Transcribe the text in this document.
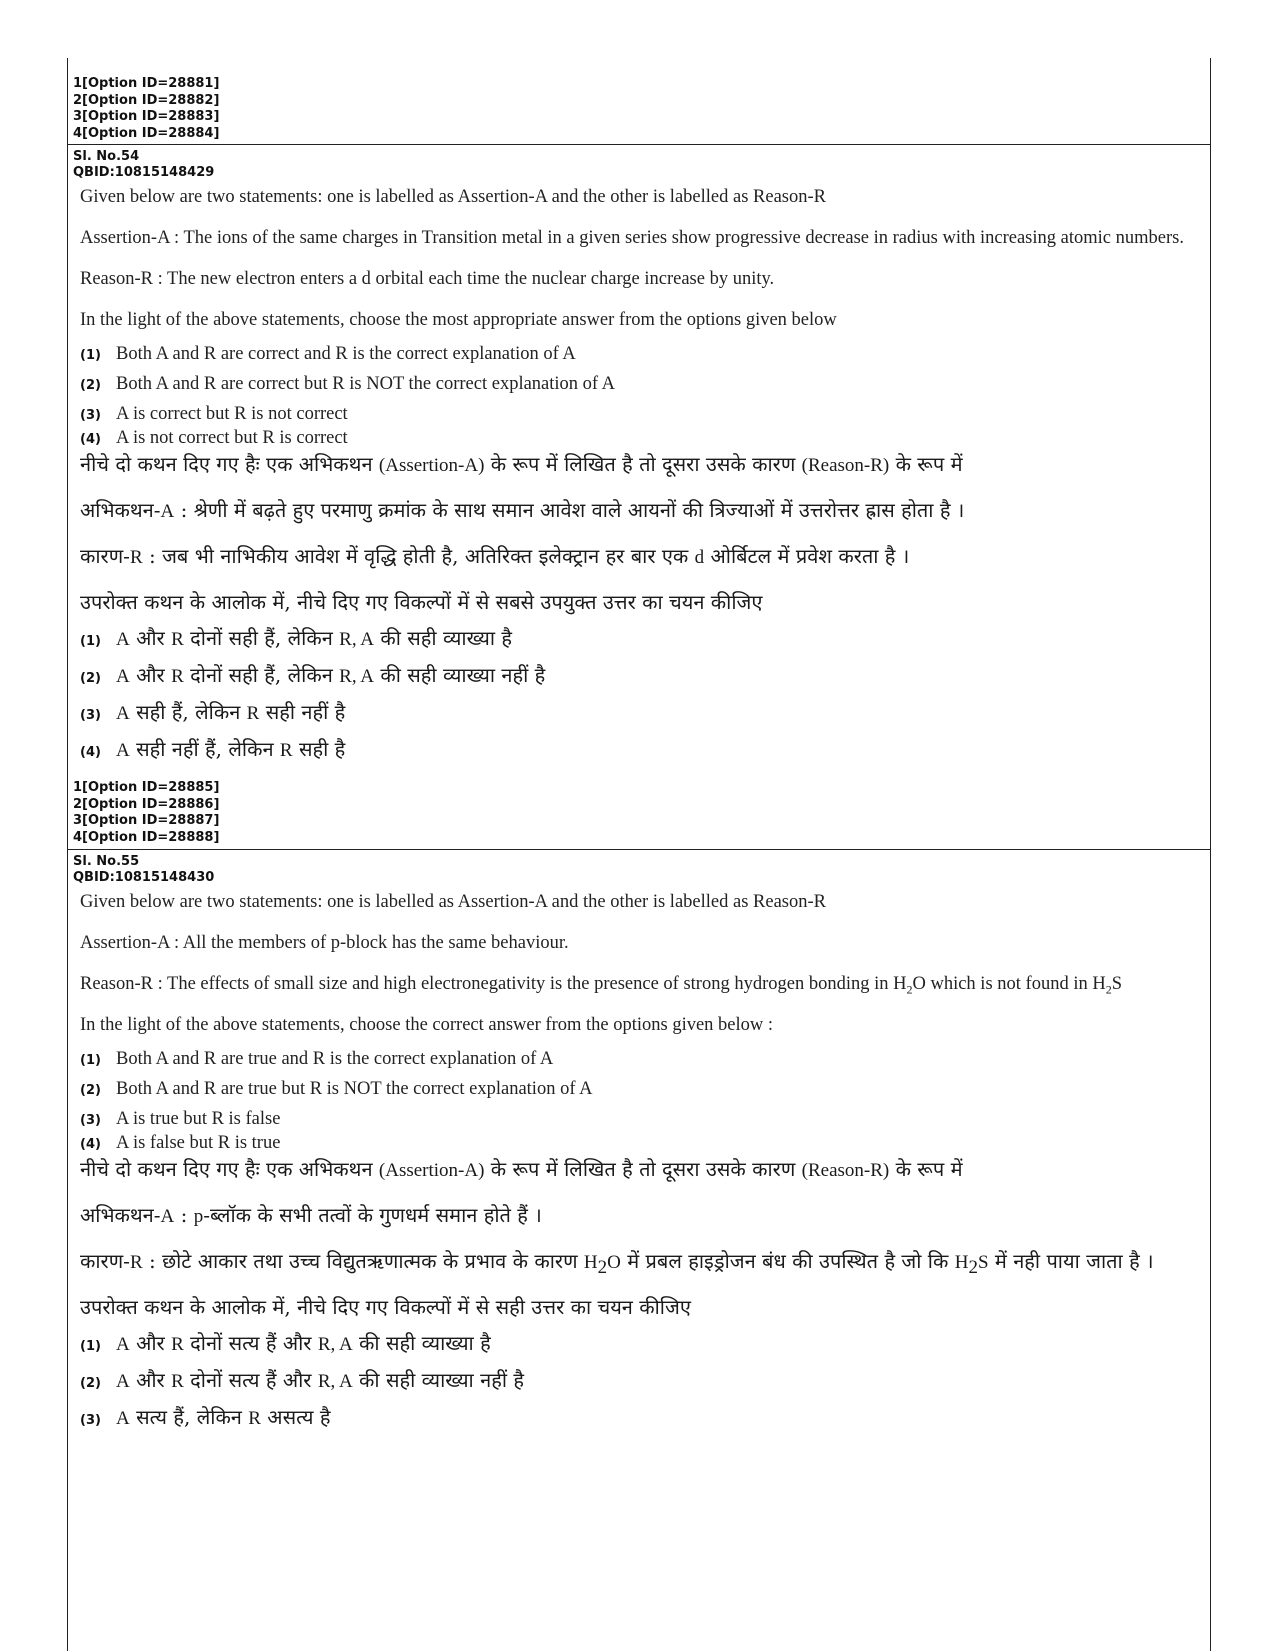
1[Option ID=28881]
2[Option ID=28882]
3[Option ID=28883]
4[Option ID=28884]
Sl. No.54
QBID:10815148429
Given below are two statements: one is labelled as Assertion-A and the other is labelled as Reason-R
Assertion-A : The ions of the same charges in Transition metal in a given series show progressive decrease in radius with increasing atomic numbers.
Reason-R : The new electron enters a d orbital each time the nuclear charge increase by unity.
In the light of the above statements, choose the most appropriate answer from the options given below
(1) Both A and R are correct and R is the correct explanation of A
(2) Both A and R are correct but R is NOT the correct explanation of A
(3) A is correct but R is not correct
(4) A is not correct but R is correct
नीचे दो कथन दिए गए हैः एक अभिकथन (Assertion-A) के रूप में लिखित है तो दूसरा उसके कारण (Reason-R) के रूप में
अभिकथन-A : श्रेणी में बढ़ते हुए परमाणु क्रमांक के साथ समान आवेश वाले आयनों की त्रिज्याओं में उत्तरोत्तर ह्रास होता है ।
कारण-R : जब भी नाभिकीय आवेश में वृद्धि होती है, अतिरिक्त इलेक्ट्रान हर बार एक d ओर्बिटल में प्रवेश करता है ।
उपरोक्त कथन के आलोक में, नीचे दिए गए विकल्पों में से सबसे उपयुक्त उत्तर का चयन कीजिए
(1) A और R दोनों सही हैं, लेकिन R, A की सही व्याख्या है
(2) A और R दोनों सही हैं, लेकिन R, A की सही व्याख्या नहीं है
(3) A सही हैं, लेकिन R सही नहीं है
(4) A सही नहीं हैं, लेकिन R सही है
1[Option ID=28885]
2[Option ID=28886]
3[Option ID=28887]
4[Option ID=28888]
Sl. No.55
QBID:10815148430
Given below are two statements: one is labelled as Assertion-A and the other is labelled as Reason-R
Assertion-A : All the members of p-block has the same behaviour.
Reason-R : The effects of small size and high electronegativity is the presence of strong hydrogen bonding in $H_2O$ which is not found in $H_2S$
In the light of the above statements, choose the correct answer from the options given below :
(1) Both A and R are true and R is the correct explanation of A
(2) Both A and R are true but R is NOT the correct explanation of A
(3) A is true but R is false
(4) A is false but R is true
नीचे दो कथन दिए गए हैः एक अभिकथन (Assertion-A) के रूप में लिखित है तो दूसरा उसके कारण (Reason-R) के रूप में
अभिकथन-A : p-ब्लॉक के सभी तत्वों के गुणधर्म समान होते हैं ।
कारण-R : छोटे आकार तथा उच्च विद्युतऋणात्मक के प्रभाव के कारण $H_2O$ में प्रबल हाइड्रोजन बंध की उपस्थित है जो कि $H_2S$ में नही पाया जाता है ।
उपरोक्त कथन के आलोक में, नीचे दिए गए विकल्पों में से सही उत्तर का चयन कीजिए
(1) A और R दोनों सत्य हैं और R, A की सही व्याख्या है
(2) A और R दोनों सत्य हैं और R, A की सही व्याख्या नहीं है
(3) A सत्य हैं, लेकिन R असत्य है
